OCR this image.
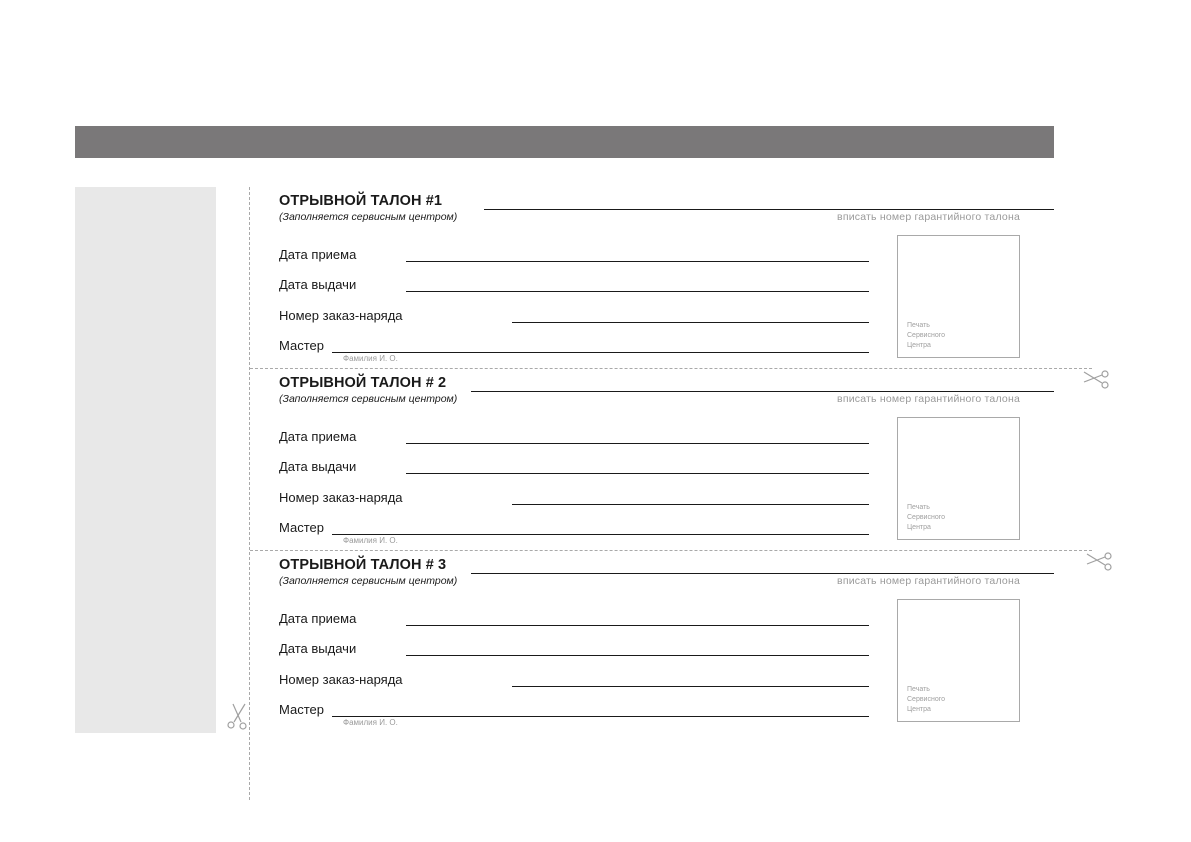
ОТРЫВНОЙ ТАЛОН #1
(Заполняется сервисным центром)	вписать номер гарантийного талона
Дата приема
Дата выдачи
Номер заказ-наряда
Мастер
Фамилия И. О.
Печать
Сервисного
Центра
ОТРЫВНОЙ ТАЛОН # 2
(Заполняется сервисным центром)	вписать номер гарантийного талона
Дата приема
Дата выдачи
Номер заказ-наряда
Мастер
Фамилия И. О.
Печать
Сервисного
Центра
ОТРЫВНОЙ ТАЛОН # 3
(Заполняется сервисным центром)	вписать номер гарантийного талона
Дата приема
Дата выдачи
Номер заказ-наряда
Мастер
Фамилия И. О.
Печать
Сервисного
Центра
